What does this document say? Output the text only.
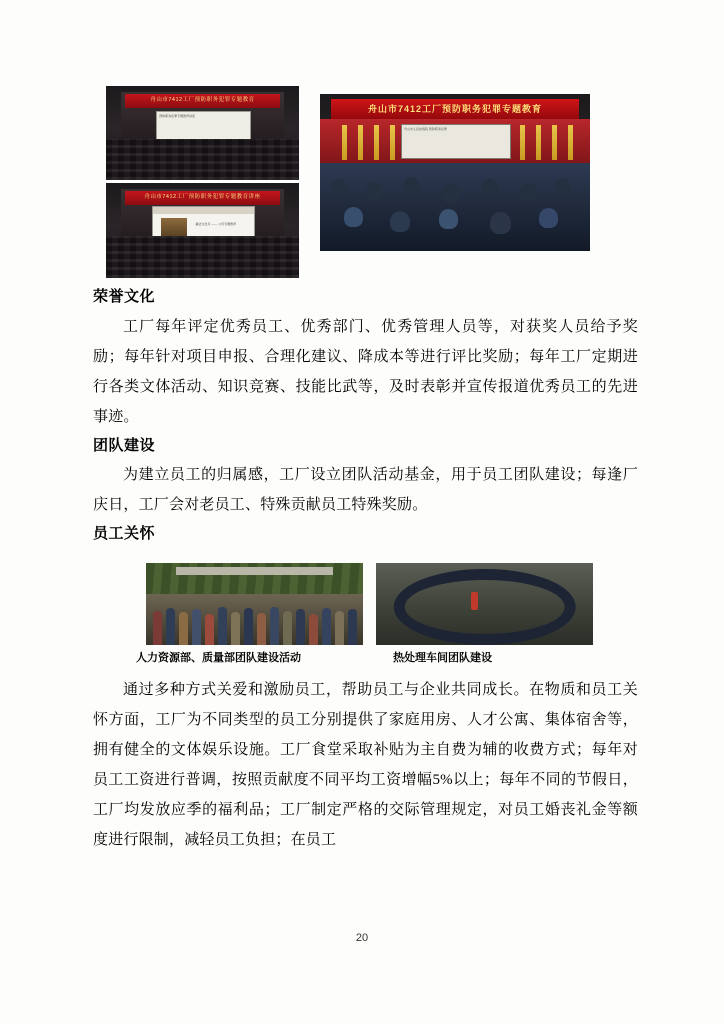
舟山市7412工厂预防职务犯罪专题教育
预防职务犯罪专题教育讲座
舟山市7412工厂预防职务犯罪专题教育
舟山市人民检察院 预防职务犯罪
舟山市7412工厂预防职务犯罪专题教育讲座
廉洁文化月 —— 公司专题教育
荣誉文化

工厂每年评定优秀员工、优秀部门、优秀管理人员等，对获奖人员给予奖励；每年针对项目申报、合理化建议、降成本等进行评比奖励；每年工厂定期进行各类文体活动、知识竞赛、技能比武等，及时表彰并宣传报道优秀员工的先进事迹。

团队建设

为建立员工的归属感，工厂设立团队活动基金，用于员工团队建设；每逢厂庆日，工厂会对老员工、特殊贡献员工特殊奖励。

员工关怀
人力资源部、质量部团队建设活动	热处理车间团队建设

通过多种方式关爱和激励员工，帮助员工与企业共同成长。在物质和员工关怀方面，工厂为不同类型的员工分别提供了家庭用房、人才公寓、集体宿舍等，拥有健全的文体娱乐设施。工厂食堂采取补贴为主自费为辅的收费方式；每年对员工工资进行普调，按照贡献度不同平均工资增幅5%以上；每年不同的节假日，工厂均发放应季的福利品；工厂制定严格的交际管理规定，对员工婚丧礼金等额度进行限制，减轻员工负担；在员工

20
